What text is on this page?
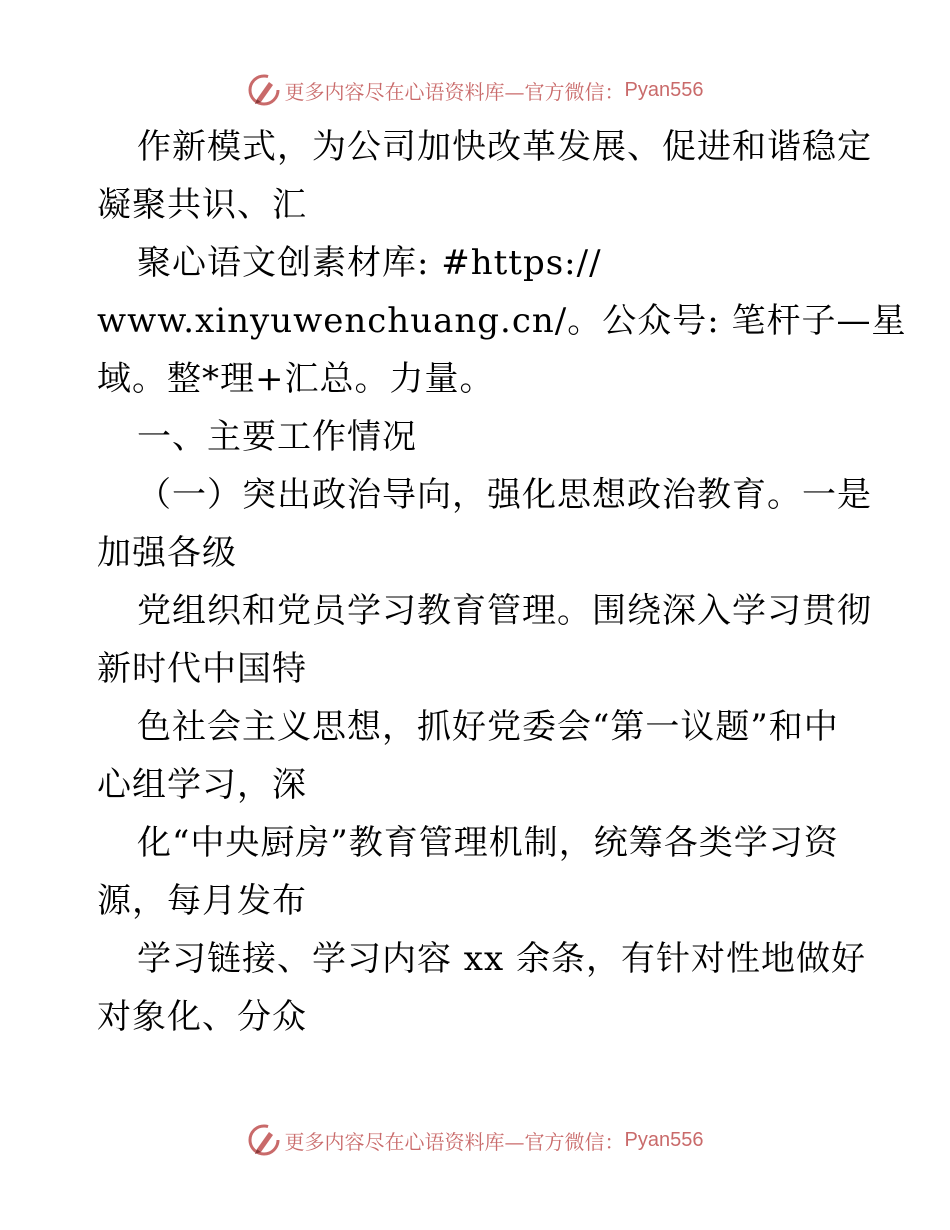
更多内容尽在心语资料库—官方微信： Pyan556
作新模式，为公司加快改革发展、促进和谐稳定
凝聚共识、汇
聚心语文创素材库: #https://
www.xinyuwenchuang.cn/。公众号: 笔杆子—星
域。整*理+汇总。力量。
一、主要工作情况
（一）突出政治导向，强化思想政治教育。一是
加强各级
党组织和党员学习教育管理。围绕深入学习贯彻
新时代中国特
色社会主义思想，抓好党委会“第一议题”和中
心组学习，深
化“中央厨房”教育管理机制，统筹各类学习资
源，每月发布
学习链接、学习内容 xx 余条，有针对性地做好
对象化、分众
更多内容尽在心语资料库—官方微信： Pyan556
